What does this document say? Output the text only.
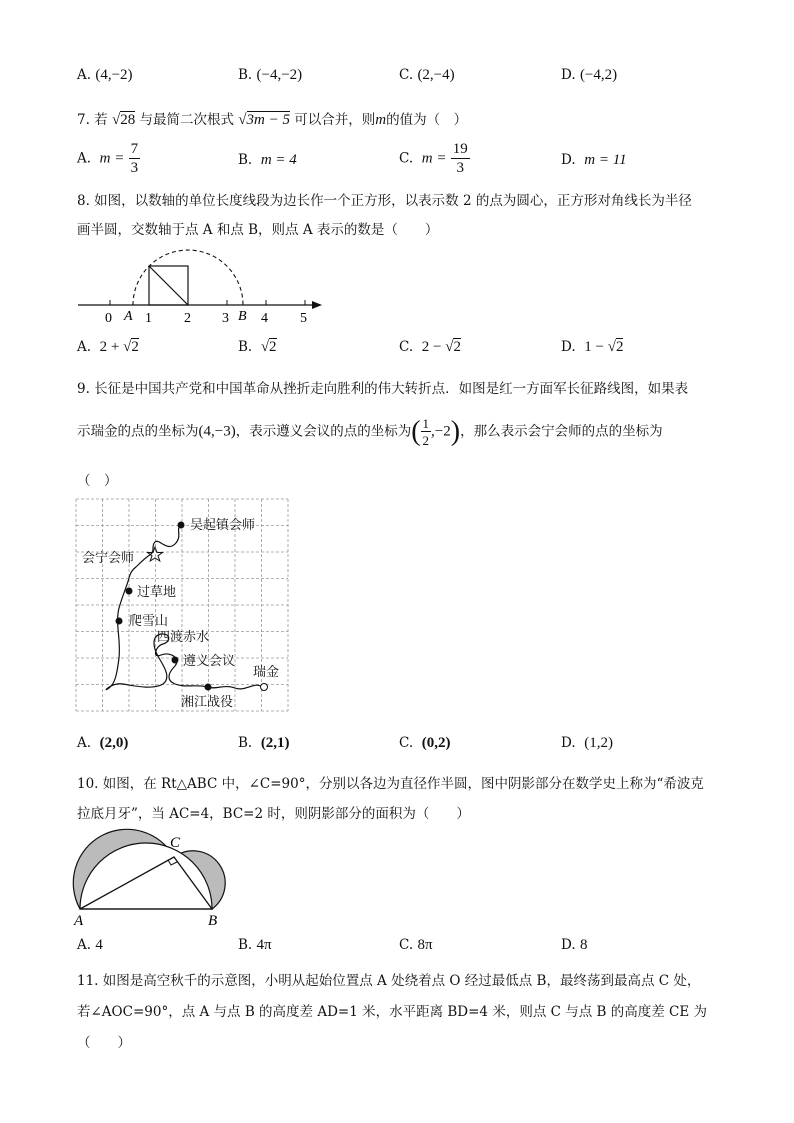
A. (4,−2)	B. (−4,−2)	C. (2,−4)	D. (−4,2)
7. 若 √28 与最简二次根式 √3m − 5 可以合并，则m的值为（　）
A. $m = \frac{7}{3}$	B. m = 4	C. $m = \frac{19}{3}$	D. m = 11
8. 如图，以数轴的单位长度线段为边长作一个正方形，以表示数 2 的点为圆心，正方形对角线长为半径
画半圆，交数轴于点 A 和点 B，则点 A 表示的数是（　　）
0 A 1 2 3 B 4 5
A. 2 + √2	B. √2	C. 2 − √2	D. 1 − √2
9. 长征是中国共产党和中国革命从挫折走向胜利的伟大转折点．如图是红一方面军长征路线图，如果表
示瑞金的点的坐标为(4,−3)，表示遵义会议的点的坐标为( $\frac{1}{2} ,-2$)，那么表示会宁会师的点的坐标为
（　）
吴起镇会师
会宁会师
过草地
爬雪山
四渡赤水
遵义会议
瑞金
湘江战役
A. (2,0)	B. (2,1)	C. (0,2)	D. (1,2)
10. 如图，在 Rt△ABC 中，∠C=90°，分别以各边为直径作半圆，图中阴影部分在数学史上称为“希波克
拉底月牙”，当 AC=4，BC=2 时，则阴影部分的面积为（　　）
A	B
C
A. 4	B. 4π	C. 8π	D. 8
11. 如图是高空秋千的示意图，小明从起始位置点 A 处绕着点 O 经过最低点 B，最终荡到最高点 C 处，
若∠AOC=90°，点 A 与点 B 的高度差 AD=1 米，水平距离 BD=4 米，则点 C 与点 B 的高度差 CE 为
（　　）
